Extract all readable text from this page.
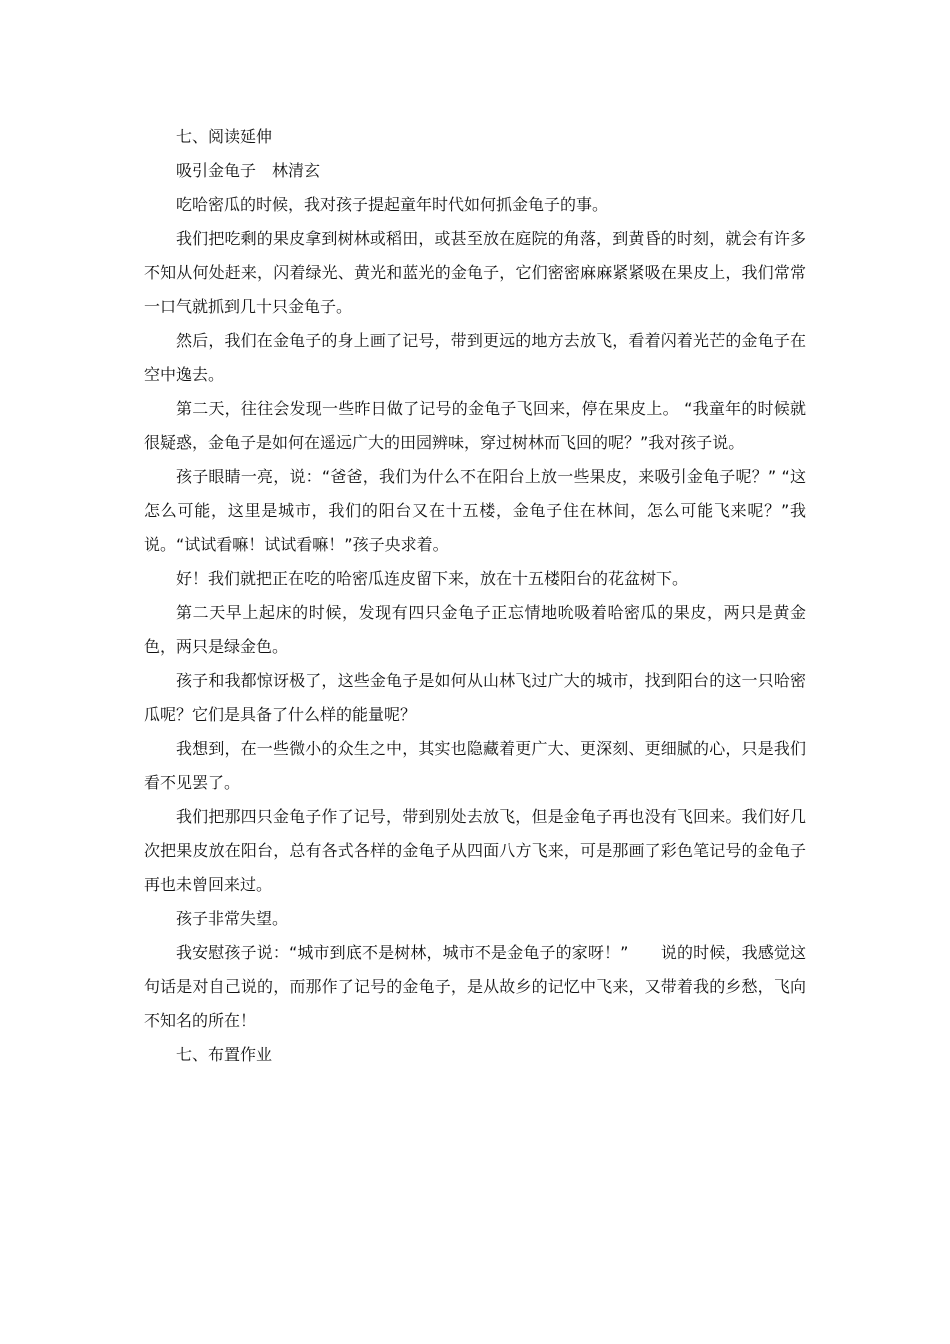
七、阅读延伸

吸引金龟子　林清玄

吃哈密瓜的时候，我对孩子提起童年时代如何抓金龟子的事。

我们把吃剩的果皮拿到树林或稻田，或甚至放在庭院的角落，到黄昏的时刻，就会有许多不知从何处赶来，闪着绿光、黄光和蓝光的金龟子，它们密密麻麻紧紧吸在果皮上，我们常常一口气就抓到几十只金龟子。

然后，我们在金龟子的身上画了记号，带到更远的地方去放飞，看着闪着光芒的金龟子在空中逸去。

第二天，往往会发现一些昨日做了记号的金龟子飞回来，停在果皮上。 “我童年的时候就很疑惑，金龟子是如何在遥远广大的田园辨味，穿过树林而飞回的呢？”我对孩子说。

孩子眼睛一亮，说：“爸爸，我们为什么不在阳台上放一些果皮，来吸引金龟子呢？” “这怎么可能，这里是城市，我们的阳台又在十五楼，金龟子住在林间，怎么可能飞来呢？”我说。“试试看嘛！试试看嘛！”孩子央求着。

好！我们就把正在吃的哈密瓜连皮留下来，放在十五楼阳台的花盆树下。

第二天早上起床的时候，发现有四只金龟子正忘情地吮吸着哈密瓜的果皮，两只是黄金色，两只是绿金色。

孩子和我都惊讶极了，这些金龟子是如何从山林飞过广大的城市，找到阳台的这一只哈密瓜呢？它们是具备了什么样的能量呢？

我想到，在一些微小的众生之中，其实也隐藏着更广大、更深刻、更细腻的心，只是我们看不见罢了。

我们把那四只金龟子作了记号，带到别处去放飞，但是金龟子再也没有飞回来。我们好几次把果皮放在阳台，总有各式各样的金龟子从四面八方飞来，可是那画了彩色笔记号的金龟子再也未曾回来过。

孩子非常失望。

我安慰孩子说：“城市到底不是树林，城市不是金龟子的家呀！”　　说的时候，我感觉这句话是对自己说的，而那作了记号的金龟子，是从故乡的记忆中飞来，又带着我的乡愁，飞向不知名的所在！

七、布置作业
